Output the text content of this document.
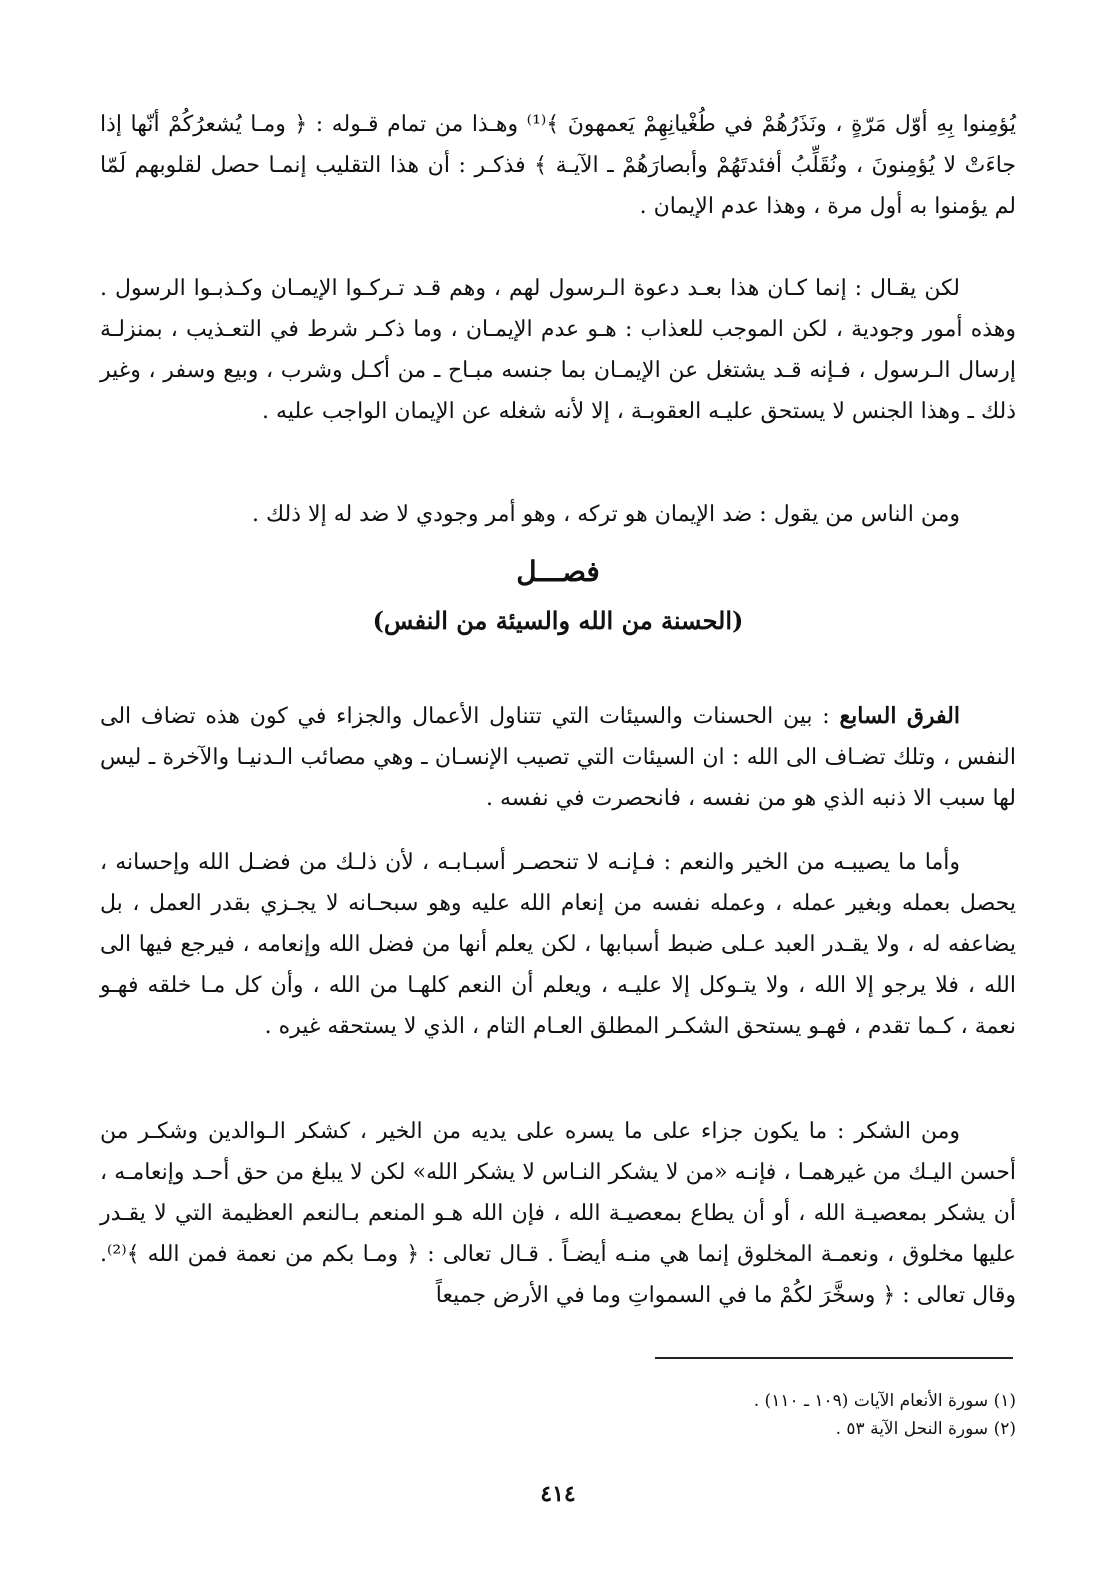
يُؤمِنوا بِهِ أوّل مَرّةٍ ، ونَذَرُهُمْ في طُغْيانِهِمْ يَعمهونَ ﴾⁽¹⁾ وهـذا من تمام قـوله : ﴿ ومـا يُشعرُكُمْ أنّها إذا جاءَتْ لا يُؤمِنونَ ، ونُقَلِّبُ أفئدتَهُمْ وأبصارَهُمْ ـ الآيـة ﴾ فذكـر : أن هذا التقليب إنمـا حصل لقلوبهم لَمّا لم يؤمنوا به أول مرة ، وهذا عدم الإيمان .

لكن يقـال : إنما كـان هذا بعـد دعوة الـرسول لهم ، وهم قـد تـركـوا الإيمـان وكـذبـوا الرسول . وهذه أمور وجودية ، لكن الموجب للعذاب : هـو عدم الإيمـان ، وما ذكـر شرط في التعـذيب ، بمنزلـة إرسال الـرسول ، فـإنه قـد يشتغل عن الإيمـان بما جنسه مبـاح ـ من أكـل وشرب ، وبيع وسفر ، وغير ذلك ـ وهذا الجنس لا يستحق عليـه العقوبـة ، إلا لأنه شغله عن الإيمان الواجب عليه .

ومن الناس من يقول : ضد الإيمان هو تركه ، وهو أمر وجودي لا ضد له إلا ذلك .

فصـــل
(الحسنة من الله والسيئة من النفس)

الفرق السابع : بين الحسنات والسيئات التي تتناول الأعمال والجزاء في كون هذه تضاف الى النفس ، وتلك تضـاف الى الله : ان السيئات التي تصيب الإنسـان ـ وهي مصائب الـدنيـا والآخرة ـ ليس لها سبب الا ذنبه الذي هو من نفسه ، فانحصرت في نفسه .

وأما ما يصيبـه من الخير والنعم : فـإنـه لا تنحصـر أسبـابـه ، لأن ذلـك من فضـل الله وإحسانه ، يحصل بعمله وبغير عمله ، وعمله نفسه من إنعام الله عليه وهو سبحـانه لا يجـزي بقدر العمل ، بل يضاعفه له ، ولا يقـدر العبد عـلى ضبط أسبابها ، لكن يعلم أنها من فضل الله وإنعامه ، فيرجع فيها الى الله ، فلا يرجو إلا الله ، ولا يتـوكل إلا عليـه ، ويعلم أن النعم كلهـا من الله ، وأن كل مـا خلقه فهـو نعمة ، كـما تقدم ، فهـو يستحق الشكـر المطلق العـام التام ، الذي لا يستحقه غيره .

ومن الشكر : ما يكون جزاء على ما يسره على يديه من الخير ، كشكر الـوالدين وشكـر من أحسن اليـك من غيرهمـا ، فإنـه «من لا يشكر النـاس لا يشكر الله» لكن لا يبلغ من حق أحـد وإنعامـه ، أن يشكر بمعصيـة الله ، أو أن يطاع بمعصيـة الله ، فإن الله هـو المنعم بـالنعم العظيمة التي لا يقـدر عليها مخلوق ، ونعمـة المخلوق إنما هي منـه أيضـاً . قـال تعالى : ﴿ ومـا بكم من نعمة فمن الله ﴾⁽²⁾. وقال تعالى : ﴿ وسخَّرَ لكُمْ ما في السمواتِ وما في الأرض جميعاً

(١) سورة الأنعام الآيات (١٠٩ ـ ١١٠) .
(٢) سورة النحل الآية ٥٣ .
٤١٤
